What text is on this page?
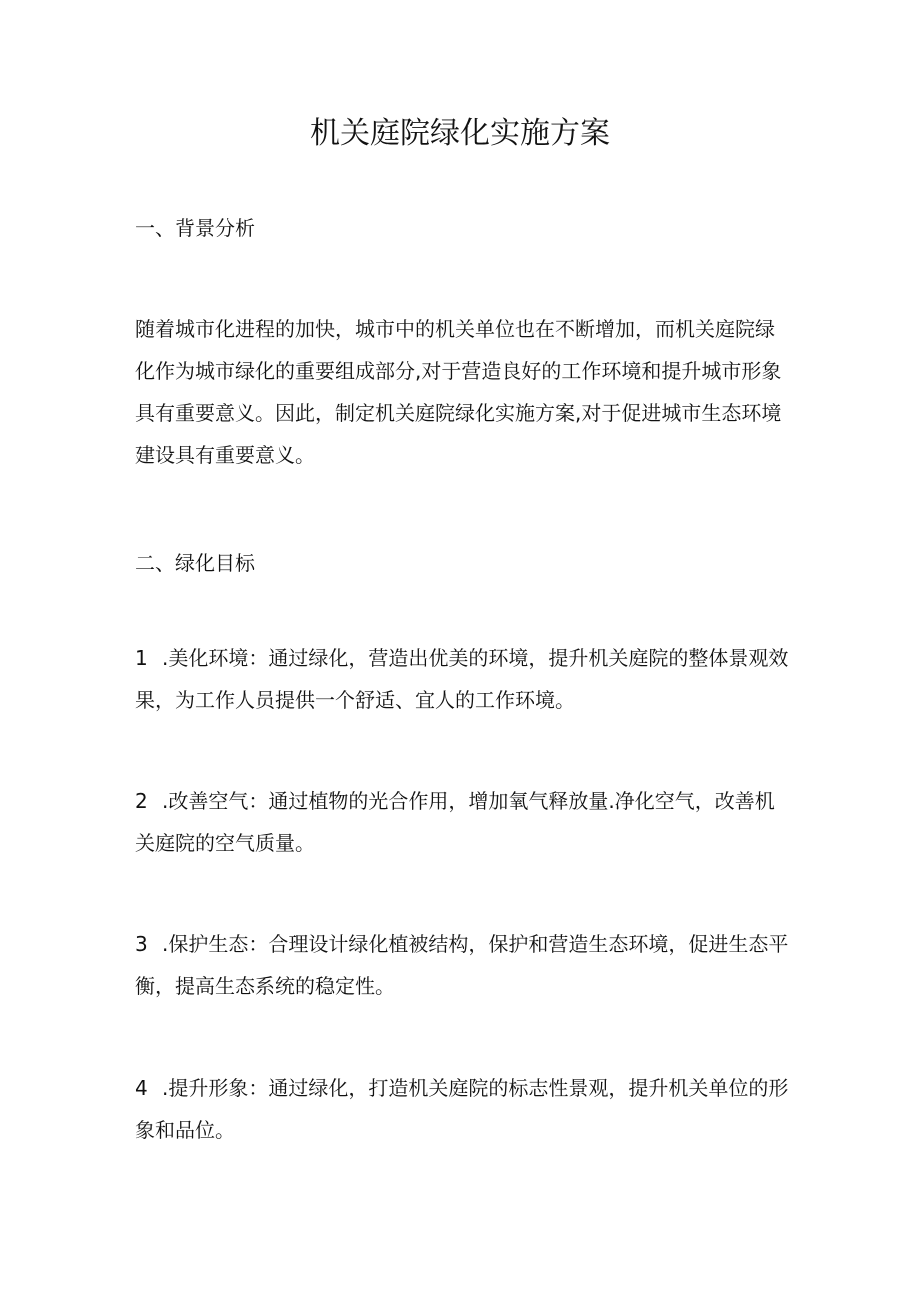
机关庭院绿化实施方案
一、背景分析

随着城市化进程的加快，城市中的机关单位也在不断增加，而机关庭院绿
化作为城市绿化的重要组成部分,对于营造良好的工作环境和提升城市形象
具有重要意义。因此，制定机关庭院绿化实施方案,对于促进城市生态环境
建设具有重要意义。

二、绿化目标

1 .美化环境：通过绿化，营造出优美的环境，提升机关庭院的整体景观效
果，为工作人员提供一个舒适、宜人的工作环境。

2 .改善空气：通过植物的光合作用，增加氧气释放量.净化空气，改善机
关庭院的空气质量。

3 .保护生态：合理设计绿化植被结构，保护和营造生态环境，促进生态平
衡，提高生态系统的稳定性。

4 .提升形象：通过绿化，打造机关庭院的标志性景观，提升机关单位的形
象和品位。
